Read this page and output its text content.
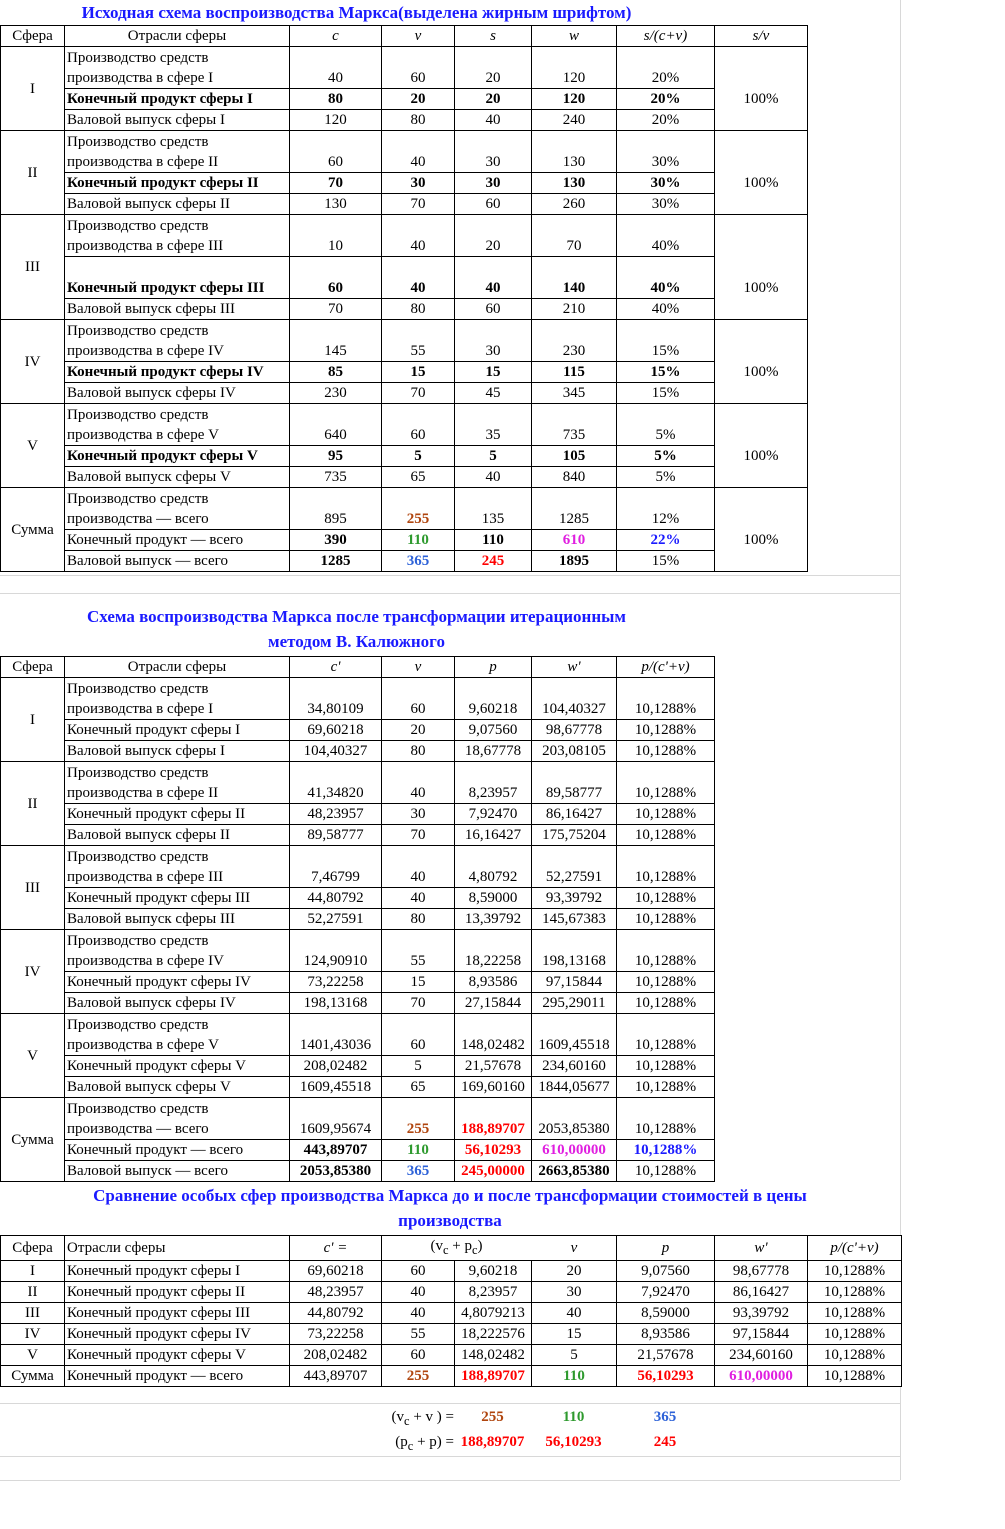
Исходная схема воспроизводства Маркса(выделена жирным шрифтом)
Сфера	Отрасли сферы	c	v	s	w	s/(c+v)	s/v
I	Производство средств производства в сфере I	40	60	20	120	20%	
	Конечный продукт сферы I	80	20	20	120	20%	100%
	Валовой выпуск сферы I	120	80	40	240	20%	
II	Производство средств производства в сфере II	60	40	30	130	30%	
	Конечный продукт сферы II	70	30	30	130	30%	100%
	Валовой выпуск сферы II	130	70	60	260	30%	
III	Производство средств производства в сфере III	10	40	20	70	40%	
	Конечный продукт сферы III	60	40	40	140	40%	100%
	Валовой выпуск сферы III	70	80	60	210	40%	
IV	Производство средств производства в сфере IV	145	55	30	230	15%	
	Конечный продукт сферы IV	85	15	15	115	15%	100%
	Валовой выпуск сферы IV	230	70	45	345	15%	
V	Производство средств производства в сфере V	640	60	35	735	5%	
	Конечный продукт сферы V	95	5	5	105	5%	100%
	Валовой выпуск сферы V	735	65	40	840	5%	
Сумма	Производство средств производства — всего	895	255	135	1285	12%	
	Конечный продукт — всего	390	110	110	610	22%	100%
	Валовой выпуск — всего	1285	365	245	1895	15%	
Схема воспроизводства Маркса после трансформации итерационным
методом В. Калюжного
Сфера	Отрасли сферы	c'	v	p	w'	p/(c'+v)
I	Производство средств производства в сфере I	34,80109	60	9,60218	104,40327	10,1288%
	Конечный продукт сферы I	69,60218	20	9,07560	98,67778	10,1288%
	Валовой выпуск сферы I	104,40327	80	18,67778	203,08105	10,1288%
II	Производство средств производства в сфере II	41,34820	40	8,23957	89,58777	10,1288%
	Конечный продукт сферы II	48,23957	30	7,92470	86,16427	10,1288%
	Валовой выпуск сферы II	89,58777	70	16,16427	175,75204	10,1288%
III	Производство средств производства в сфере III	7,46799	40	4,80792	52,27591	10,1288%
	Конечный продукт сферы III	44,80792	40	8,59000	93,39792	10,1288%
	Валовой выпуск сферы III	52,27591	80	13,39792	145,67383	10,1288%
IV	Производство средств производства в сфере IV	124,90910	55	18,22258	198,13168	10,1288%
	Конечный продукт сферы IV	73,22258	15	8,93586	97,15844	10,1288%
	Валовой выпуск сферы IV	198,13168	70	27,15844	295,29011	10,1288%
V	Производство средств производства в сфере V	1401,43036	60	148,02482	1609,45518	10,1288%
	Конечный продукт сферы V	208,02482	5	21,57678	234,60160	10,1288%
	Валовой выпуск сферы V	1609,45518	65	169,60160	1844,05677	10,1288%
Сумма	Производство средств производства — всего	1609,95674	255	188,89707	2053,85380	10,1288%
	Конечный продукт — всего	443,89707	110	56,10293	610,00000	10,1288%
	Валовой выпуск — всего	2053,85380	365	245,00000	2663,85380	10,1288%
Сравнение особых сфер производства Маркса до и после трансформации стоимостей в цены
производства
Сфера	Отрасли сферы	c' =	$(v_c + p_c)$		v	p	w'	p/(c'+v)
I	Конечный продукт сферы I	69,60218	60	9,60218	20	9,07560	98,67778	10,1288%
II	Конечный продукт сферы II	48,23957	40	8,23957	30	7,92470	86,16427	10,1288%
III	Конечный продукт сферы III	44,80792	40	4,8079213	40	8,59000	93,39792	10,1288%
IV	Конечный продукт сферы IV	73,22258	55	18,222576	15	8,93586	97,15844	10,1288%
V	Конечный продукт сферы V	208,02482	60	148,02482	5	21,57678	234,60160	10,1288%
Сумма	Конечный продукт — всего	443,89707	255	188,89707	110	56,10293	610,00000	10,1288%
($v_c + v$ ) =	255	110	365
$(p_c + p) = 188,89707$	56,10293	245
